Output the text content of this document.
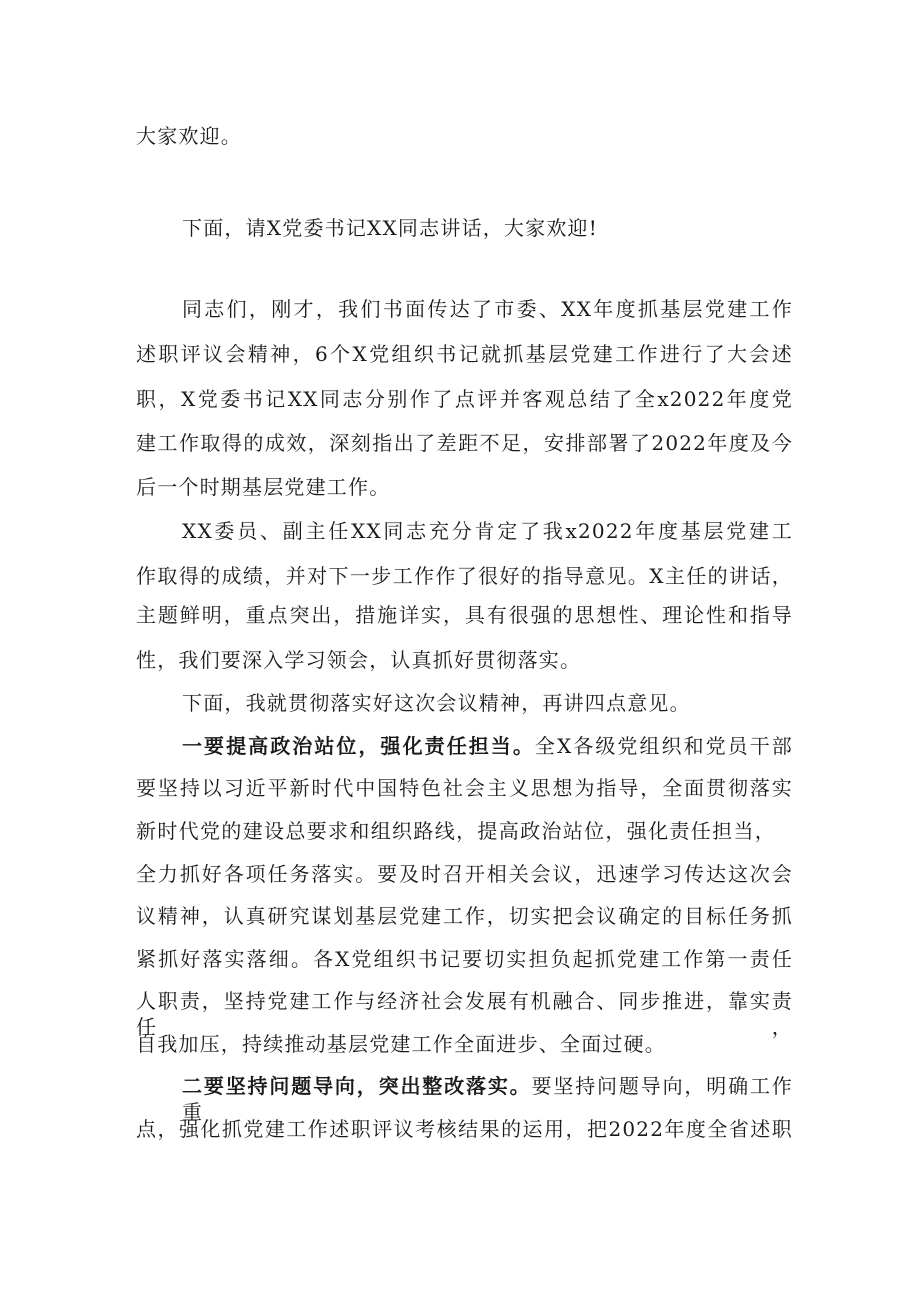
大家欢迎。
下面，请X党委书记XX同志讲话，大家欢迎!
同志们，刚才，我们书面传达了市委、XX年度抓基层党建工作
述职评议会精神，6个X党组织书记就抓基层党建工作进行了大会述
职，X党委书记XX同志分别作了点评并客观总结了全x2022年度党
建工作取得的成效，深刻指出了差距不足，安排部署了2022年度及今
后一个时期基层党建工作。
XX委员、副主任XX同志充分肯定了我x2022年度基层党建工
作取得的成绩，并对下一步工作作了很好的指导意见。X主任的讲话，
主题鲜明，重点突出，措施详实，具有很强的思想性、理论性和指导
性，我们要深入学习领会，认真抓好贯彻落实。
下面，我就贯彻落实好这次会议精神，再讲四点意见。
一要提高政治站位，强化责任担当。全X各级党组织和党员干部
要坚持以习近平新时代中国特色社会主义思想为指导，全面贯彻落实
新时代党的建设总要求和组织路线，提高政治站位，强化责任担当，
全力抓好各项任务落实。要及时召开相关会议，迅速学习传达这次会
议精神，认真研究谋划基层党建工作，切实把会议确定的目标任务抓
紧抓好落实落细。各X党组织书记要切实担负起抓党建工作第一责任
人职责，坚持党建工作与经济社会发展有机融合、同步推进，靠实责任，
自我加压，持续推动基层党建工作全面进步、全面过硬。
二要坚持问题导向，突出整改落实。要坚持问题导向，明确工作重
点，强化抓党建工作述职评议考核结果的运用，把2022年度全省述职
